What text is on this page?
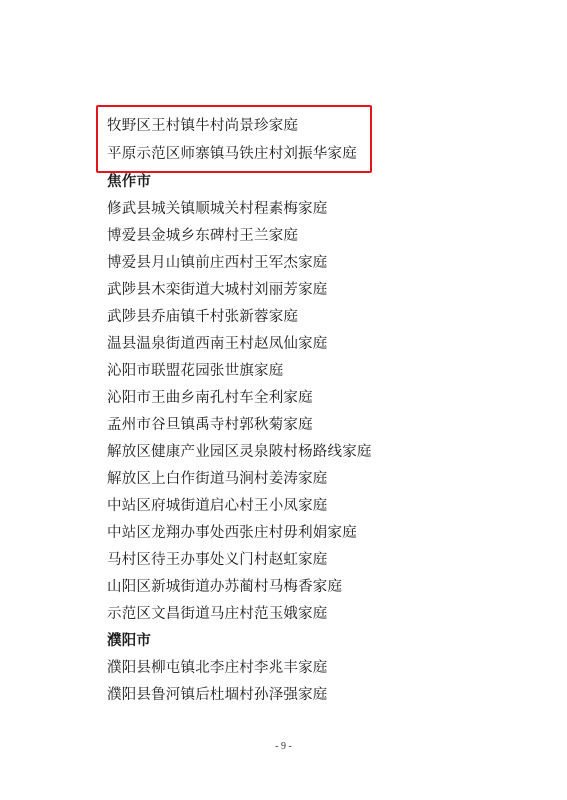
牧野区王村镇牛村尚景珍家庭
平原示范区师寨镇马铁庄村刘振华家庭
焦作市
修武县城关镇顺城关村程素梅家庭
博爱县金城乡东碑村王兰家庭
博爱县月山镇前庄西村王军杰家庭
武陟县木栾街道大城村刘丽芳家庭
武陟县乔庙镇千村张新蓉家庭
温县温泉街道西南王村赵凤仙家庭
沁阳市联盟花园张世旗家庭
沁阳市王曲乡南孔村车全利家庭
孟州市谷旦镇禹寺村郭秋菊家庭
解放区健康产业园区灵泉陂村杨路线家庭
解放区上白作街道马涧村姜涛家庭
中站区府城街道启心村王小凤家庭
中站区龙翔办事处西张庄村毋利娟家庭
马村区待王办事处义门村赵虹家庭
山阳区新城街道办苏蔺村马梅香家庭
示范区文昌街道马庄村范玉娥家庭
濮阳市
濮阳县柳屯镇北李庄村李兆丰家庭
濮阳县鲁河镇后杜堌村孙泽强家庭
- 9 -
